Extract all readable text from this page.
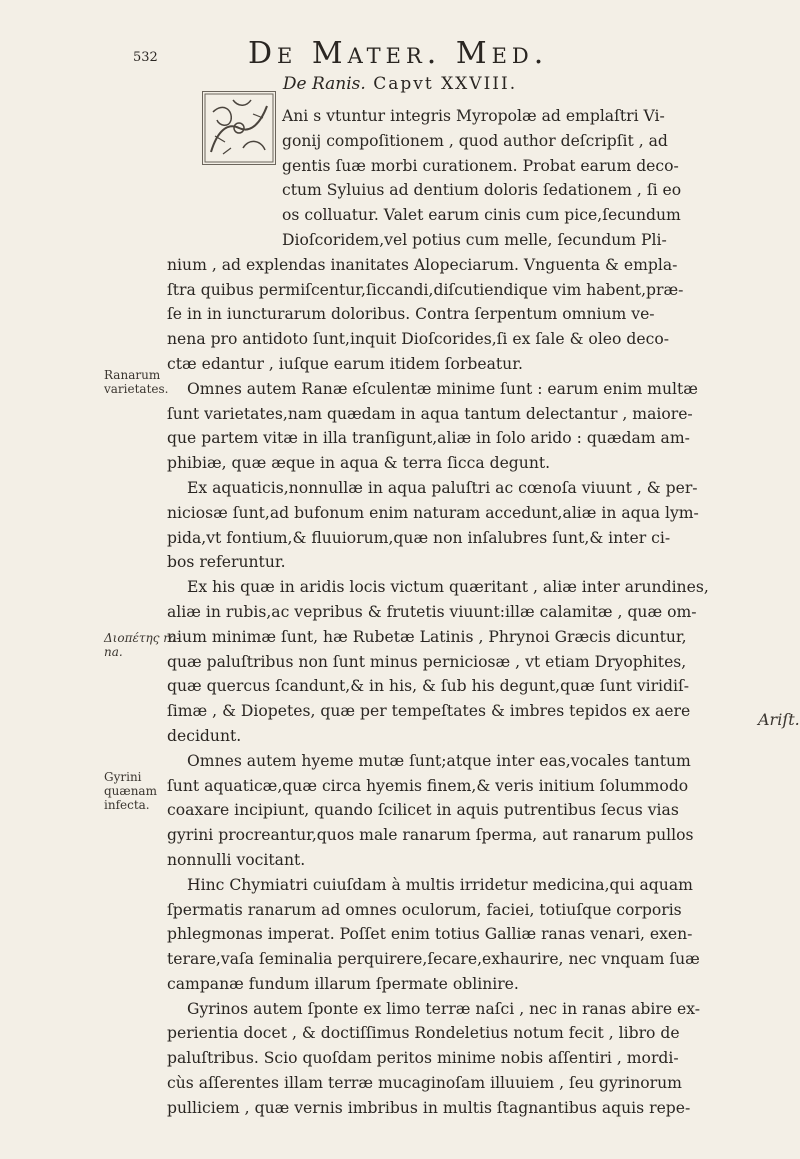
532	De Mater. Med.
De Ranis. Capvt XXVIII.
Ani s vtuntur integris Myropolæ ad emplaſtri Vi-
gonij compoſitionem , quod author deſcripſit , ad
gentis ſuæ morbi curationem. Probat earum deco-
ctum Syluius ad dentium doloris ſedationem , ſi eo
os colluatur. Valet earum cinis cum pice,ſecundum
Dioſcoridem,vel potius cum melle, ſecundum Pli-
nium , ad explendas inanitates Alopeciarum. Vnguenta & empla-
ſtra quibus permiſcentur,ſiccandi,diſcutiendique vim habent,præ-
ſe in in iuncturarum doloribus. Contra ſerpentum omnium ve-
nena pro antidoto ſunt,inquit Dioſcorides,ſi ex ſale & oleo deco-
ctæ edantur , iuſque earum itidem ſorbeatur.
Omnes autem Ranæ eſculentæ minime ſunt : earum enim multæ
ſunt varietates,nam quædam in aqua tantum delectantur , maiore-
que partem vitæ in illa tranſigunt,aliæ in ſolo arido : quædam am-
phibiæ, quæ æque in aqua & terra ſicca degunt.
Ex aquaticis,nonnullæ in aqua paluſtri ac cœnoſa viuunt , & per-
niciosæ ſunt,ad bufonum enim naturam accedunt,aliæ in aqua lym-
pida,vt fontium,& fluuiorum,quæ non inſalubres ſunt,& inter ci-
bos referuntur.
Ex his quæ in aridis locis victum quæritant , aliæ inter arundines,
aliæ in rubis,ac vepribus & frutetis viuunt:illæ calamitæ , quæ om-
nium minimæ ſunt, hæ Rubetæ Latinis , Phrynoi Græcis dicuntur,
quæ paluſtribus non ſunt minus perniciosæ , vt etiam Dryophites,
quæ quercus ſcandunt,& in his, & ſub his degunt,quæ ſunt viridiſ-
ſimæ , & Diopetes, quæ per tempeſtates & imbres tepidos ex aere
decidunt.
Omnes autem hyeme mutæ ſunt;atque inter eas,vocales tantum
ſunt aquaticæ,quæ circa hyemis finem,& veris initium ſolummodo
coaxare incipiunt, quando ſcilicet in aquis putrentibus ſecus vias
gyrini procreantur,quos male ranarum ſperma, aut ranarum pullos
nonnulli vocitant.
Hinc Chymiatri cuiuſdam à multis irridetur medicina,qui aquam
ſpermatis ranarum ad omnes oculorum, faciei, totiuſque corporis
phlegmonas imperat. Poſſet enim totius Galliæ ranas venari, exen-
terare,vaſa ſeminalia perquirere,ſecare,exhaurire, nec vnquam ſuæ
campanæ fundum illarum ſpermate oblinire.
Gyrinos autem ſponte ex limo terræ naſci , nec in ranas abire ex-
perientia docet , & doctiſſimus Rondeletius notum fecit , libro de
paluſtribus. Scio quoſdam peritos minime nobis aſſentiri , mordi-
cùs aſſerentes illam terræ mucaginoſam illuuiem , ſeu gyrinorum
pulliciem , quæ vernis imbribus in multis ſtagnantibus aquis repe-
Ranarum
varietates.
Διοπέτης ra-
na.
Gyrini
quænam
infecta.
Ariſt.
